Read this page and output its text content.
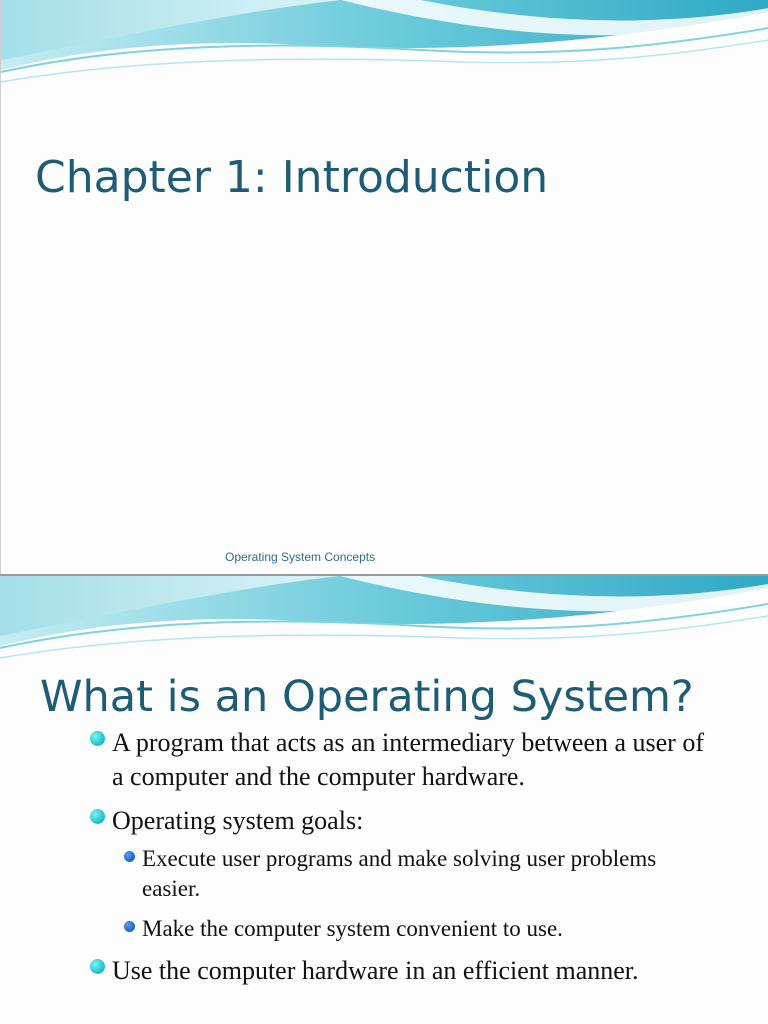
Chapter 1: Introduction
Operating System Concepts
What is an Operating System?
A program that acts as an intermediary between a user of a computer and the computer hardware.
Operating system goals:
Execute user programs and make solving user problems easier.
Make the computer system convenient to use.
Use the computer hardware in an efficient manner.
